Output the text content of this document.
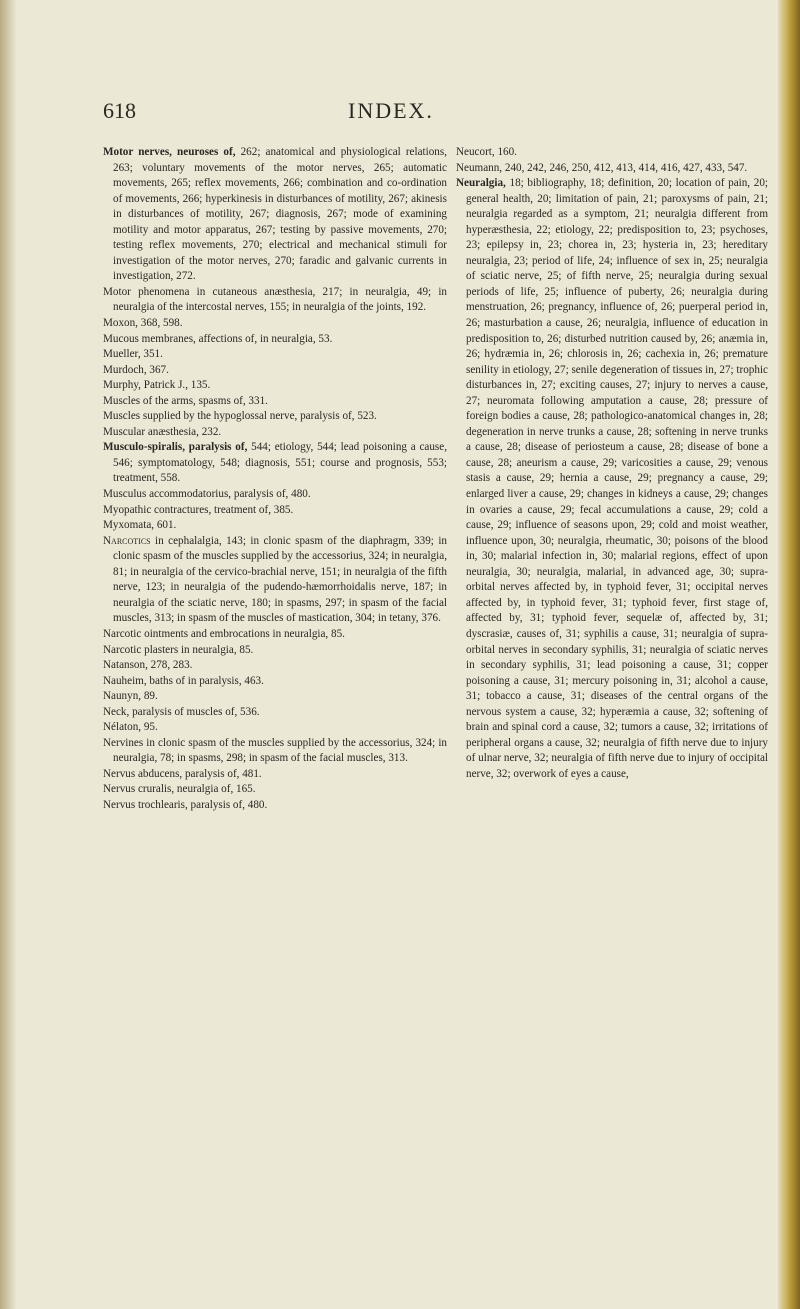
618	INDEX.

Motor nerves, neuroses of, 262; anatomical and physiological relations, 263; voluntary movements of the motor nerves, 265; automatic movements, 265; reflex movements, 266; combination and co-ordination of movements, 266; hyperkinesis in disturbances of motility, 267; akinesis in disturbances of motility, 267; diagnosis, 267; mode of examining motility and motor apparatus, 267; testing by passive movements, 270; testing reflex movements, 270; electrical and mechanical stimuli for investigation of the motor nerves, 270; faradic and galvanic currents in investigation, 272.

Motor phenomena in cutaneous anæsthesia, 217; in neuralgia, 49; in neuralgia of the intercostal nerves, 155; in neuralgia of the joints, 192.

Moxon, 368, 598.

Mucous membranes, affections of, in neuralgia, 53.

Mueller, 351.

Murdoch, 367.

Murphy, Patrick J., 135.

Muscles of the arms, spasms of, 331.

Muscles supplied by the hypoglossal nerve, paralysis of, 523.

Muscular anæsthesia, 232.

Musculo-spiralis, paralysis of, 544; etiology, 544; lead poisoning a cause, 546; symptomatology, 548; diagnosis, 551; course and prognosis, 553; treatment, 558.

Musculus accommodatorius, paralysis of, 480.

Myopathic contractures, treatment of, 385.

Myxomata, 601.

Narcotics in cephalalgia, 143; in clonic spasm of the diaphragm, 339; in clonic spasm of the muscles supplied by the accessorius, 324; in neuralgia, 81; in neuralgia of the cervico-brachial nerve, 151; in neuralgia of the fifth nerve, 123; in neuralgia of the pudendo-hæmorrhoidalis nerve, 187; in neuralgia of the sciatic nerve, 180; in spasms, 297; in spasm of the facial muscles, 313; in spasm of the muscles of mastication, 304; in tetany, 376.

Narcotic ointments and embrocations in neuralgia, 85.

Narcotic plasters in neuralgia, 85.

Natanson, 278, 283.

Nauheim, baths of in paralysis, 463.

Naunyn, 89.

Neck, paralysis of muscles of, 536.

Nélaton, 95.

Nervines in clonic spasm of the muscles supplied by the accessorius, 324; in neuralgia, 78; in spasms, 298; in spasm of the facial muscles, 313.

Nervus abducens, paralysis of, 481.

Nervus cruralis, neuralgia of, 165.

Nervus trochlearis, paralysis of, 480.

Neucort, 160.

Neumann, 240, 242, 246, 250, 412, 413, 414, 416, 427, 433, 547.

Neuralgia, 18; bibliography, 18; definition, 20; location of pain, 20; general health, 20; limitation of pain, 21; paroxysms of pain, 21; neuralgia regarded as a symptom, 21; neuralgia different from hyperæsthesia, 22; etiology, 22; predisposition to, 23; psychoses, 23; epilepsy in, 23; chorea in, 23; hysteria in, 23; hereditary neuralgia, 23; period of life, 24; influence of sex in, 25; neuralgia of sciatic nerve, 25; of fifth nerve, 25; neuralgia during sexual periods of life, 25; influence of puberty, 26; neuralgia during menstruation, 26; pregnancy, influence of, 26; puerperal period in, 26; masturbation a cause, 26; neuralgia, influence of education in predisposition to, 26; disturbed nutrition caused by, 26; anæmia in, 26; hydræmia in, 26; chlorosis in, 26; cachexia in, 26; premature senility in etiology, 27; senile degeneration of tissues in, 27; trophic disturbances in, 27; exciting causes, 27; injury to nerves a cause, 27; neuromata following amputation a cause, 28; pressure of foreign bodies a cause, 28; pathologico-anatomical changes in, 28; degeneration in nerve trunks a cause, 28; softening in nerve trunks a cause, 28; disease of periosteum a cause, 28; disease of bone a cause, 28; aneurism a cause, 29; varicosities a cause, 29; venous stasis a cause, 29; hernia a cause, 29; pregnancy a cause, 29; enlarged liver a cause, 29; changes in kidneys a cause, 29; changes in ovaries a cause, 29; fecal accumulations a cause, 29; cold a cause, 29; influence of seasons upon, 29; cold and moist weather, influence upon, 30; neuralgia, rheumatic, 30; poisons of the blood in, 30; malarial infection in, 30; malarial regions, effect of upon neuralgia, 30; neuralgia, malarial, in advanced age, 30; supra-orbital nerves affected by, in typhoid fever, 31; occipital nerves affected by, in typhoid fever, 31; typhoid fever, first stage of, affected by, 31; typhoid fever, sequelæ of, affected by, 31; dyscrasiæ, causes of, 31; syphilis a cause, 31; neuralgia of supra-orbital nerves in secondary syphilis, 31; neuralgia of sciatic nerves in secondary syphilis, 31; lead poisoning a cause, 31; copper poisoning a cause, 31; mercury poisoning in, 31; alcohol a cause, 31; tobacco a cause, 31; diseases of the central organs of the nervous system a cause, 32; hyperæmia a cause, 32; softening of brain and spinal cord a cause, 32; tumors a cause, 32; irritations of peripheral organs a cause, 32; neuralgia of fifth nerve due to injury of ulnar nerve, 32; neuralgia of fifth nerve due to injury of occipital nerve, 32; overwork of eyes a cause,
